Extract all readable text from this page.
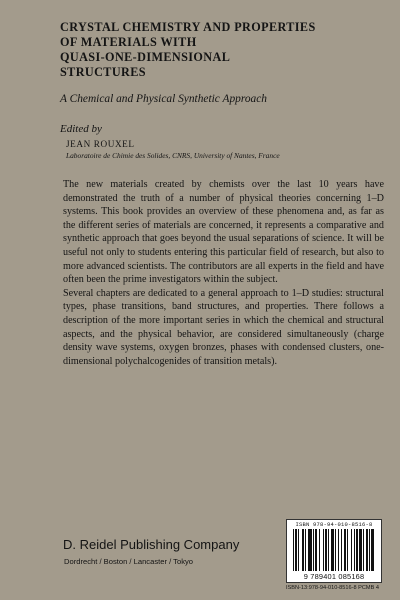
CRYSTAL CHEMISTRY AND PROPERTIES
OF MATERIALS WITH
QUASI-ONE-DIMENSIONAL
STRUCTURES

A Chemical and Physical Synthetic Approach

Edited by

JEAN ROUXEL

Laboratoire de Chimie des Solides, CNRS, University of Nantes, France

The new materials created by chemists over the last 10 years have demonstrated the truth of a number of physical theories concerning 1–D systems. This book provides an overview of these phenomena and, as far as the different series of materials are concerned, it represents a comparative and synthetic approach that goes beyond the usual separations of science. It will be useful not only to students entering this particular field of research, but also to more advanced scientists. The contributors are all experts in the field and have often been the prime investigators within the subject.

Several chapters are dedicated to a general approach to 1–D studies: structural types, phase transitions, band structures, and properties. There follows a description of the more important series in which the chemical and structural aspects, and the physical behavior, are considered simultaneously (charge density wave systems, oxygen bronzes, phases with condensed clusters, one-dimensional polychalcogenides of transition metals).

ISBN 978-94-010-8516-8
9 789401 085168

D. Reidel Publishing Company

Dordrecht / Boston / Lancaster / Tokyo

ISBN-13:978-94-010-8516-8 PCMB 4
